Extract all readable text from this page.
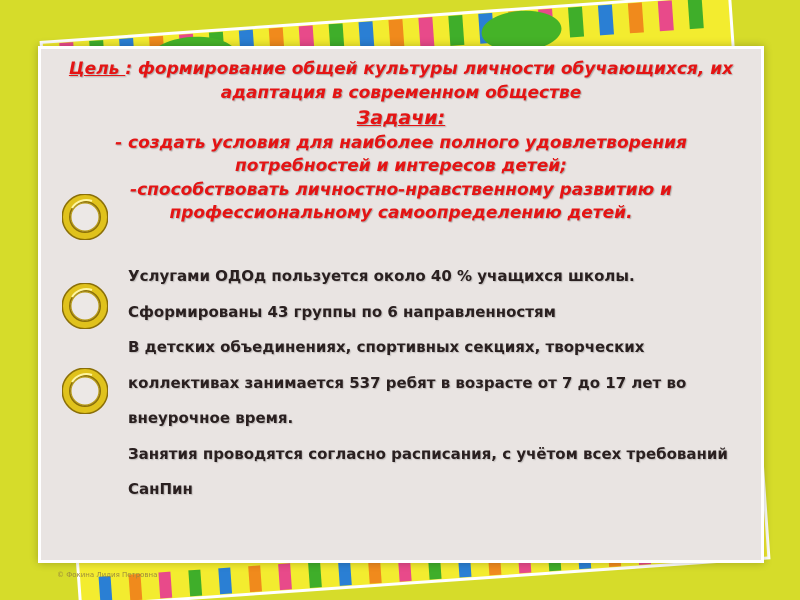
Цель : формирование общей культуры личности обучающихся, их адаптация в современном обществе
Задачи:
- создать условия для наиболее полного удовлетворения потребностей и интересов детей;
-способствовать личностно-нравственному развитию и профессиональному самоопределению детей.

Услугами ОДОд пользуется около 40 % учащихся школы.

Сформированы 43 группы по 6 направленностям

В детских объединениях, спортивных секциях, творческих коллективах занимается 537 ребят в возрасте от 7 до 17 лет во внеурочное время.

Занятия проводятся согласно расписания, с учётом всех требований СанПин

© Фокина Лидия Петровна
